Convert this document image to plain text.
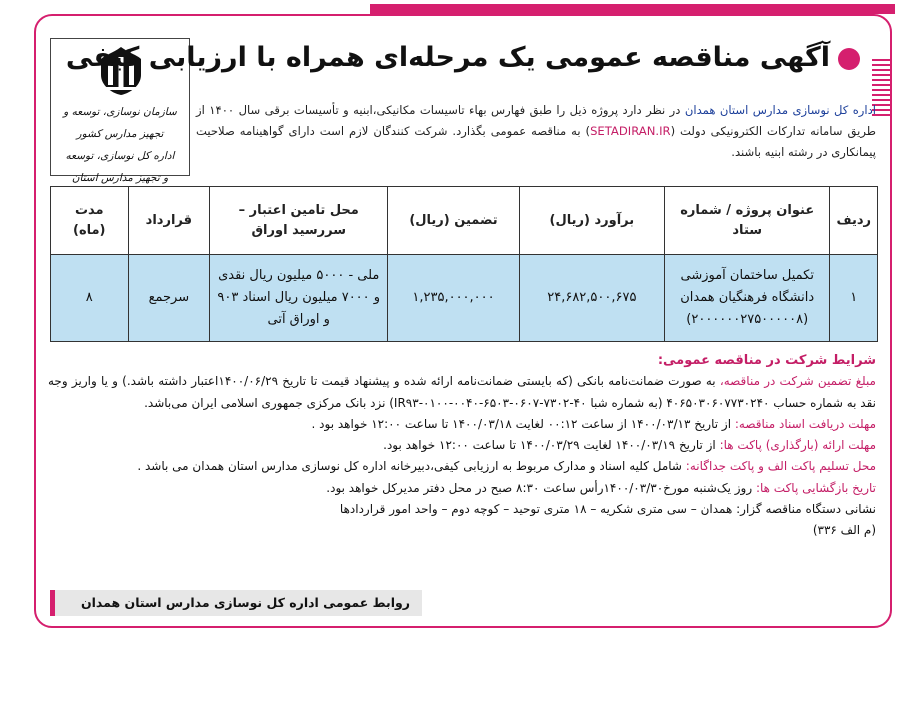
سازمان نوسازی، توسعه و تجهیز مدارس کشور
اداره کل نوسازی، توسعه
و تجهیز مدارس استان
آگهی مناقصه عمومی یک مرحله‌ای همراه با ارزیابی کیفی
اداره کل نوسازی مدارس استان همدان در نظر دارد پروژه ذیل را طبق فهارس بهاء تاسیسات مکانیکی،ابنیه و تأسیسات برقی سال ۱۴۰۰ از طریق سامانه تدارکات الکترونیکی دولت (SETADIRAN.IR) به مناقصه عمومی بگذارد. شرکت کنندگان لازم است دارای گواهینامه صلاحیت پیمانکاری در رشته ابنیه باشند.
ردیف	عنوان پروژه / شماره ستاد	برآورد (ریال)	تضمین (ریال)	محل تامین اعتبار – سررسید اوراق	قرارداد	مدت (ماه)
۱	تکمیل ساختمان آموزشی دانشگاه فرهنگیان همدان (۲۰۰۰۰۰۰۲۷۵۰۰۰۰۰۸)	۲۴,۶۸۲,۵۰۰,۶۷۵	۱,۲۳۵,۰۰۰,۰۰۰	ملی - ۵۰۰۰ میلیون ریال نقدی و ۷۰۰۰ میلیون ریال اسناد ۹۰۳ و اوراق آتی	سرجمع	۸
شرایط شرکت در مناقصه عمومی:
مبلغ تضمین شرکت در مناقصه، به صورت ضمانت‌نامه بانکی (که بایستی ضمانت‌نامه ارائه شده و پیشنهاد قیمت تا تاریخ ۱۴۰۰/۰۶/۲۹اعتبار داشته باشد.) و یا واریز وجه نقد به شماره حساب ۴۰۶۵۰۳۰۶۰۷۷۳۰۲۴۰ (به شماره شبا ۴۰-۷۳۰۲-۰۶۰۷-۶۵۰۳-۰۰۴۰-۰۱۰۰-IR۹۳) نزد بانک مرکزی جمهوری اسلامی ایران می‌باشد.
مهلت دریافت اسناد مناقصه: از تاریخ ۱۴۰۰/۰۳/۱۳ از ساعت ۰۰:۱۲ لغایت ۱۴۰۰/۰۳/۱۸ تا ساعت ۱۲:۰۰ خواهد بود .
مهلت ارائه (بارگذاری) پاکت ها: از تاریخ ۱۴۰۰/۰۳/۱۹ لغایت ۱۴۰۰/۰۳/۲۹ تا ساعت ۱۲:۰۰ خواهد بود.
محل تسلیم پاکت الف و پاکت جداگانه: شامل کلیه اسناد و مدارک مربوط به ارزیابی کیفی،دبیرخانه اداره کل نوسازی مدارس استان همدان می باشد .
تاریخ بازگشایی پاکت ها: روز یک‌شنبه مورخ۱۴۰۰/۰۳/۳۰رأس ساعت ۸:۳۰ صبح در محل دفتر مدیرکل خواهد بود.
نشانی دستگاه مناقصه گزار: همدان – سی متری شکریه – ۱۸ متری توحید – کوچه دوم – واحد امور قراردادها
(م الف ۳۳۶)
روابط عمومی اداره کل نوسازی مدارس استان همدان
